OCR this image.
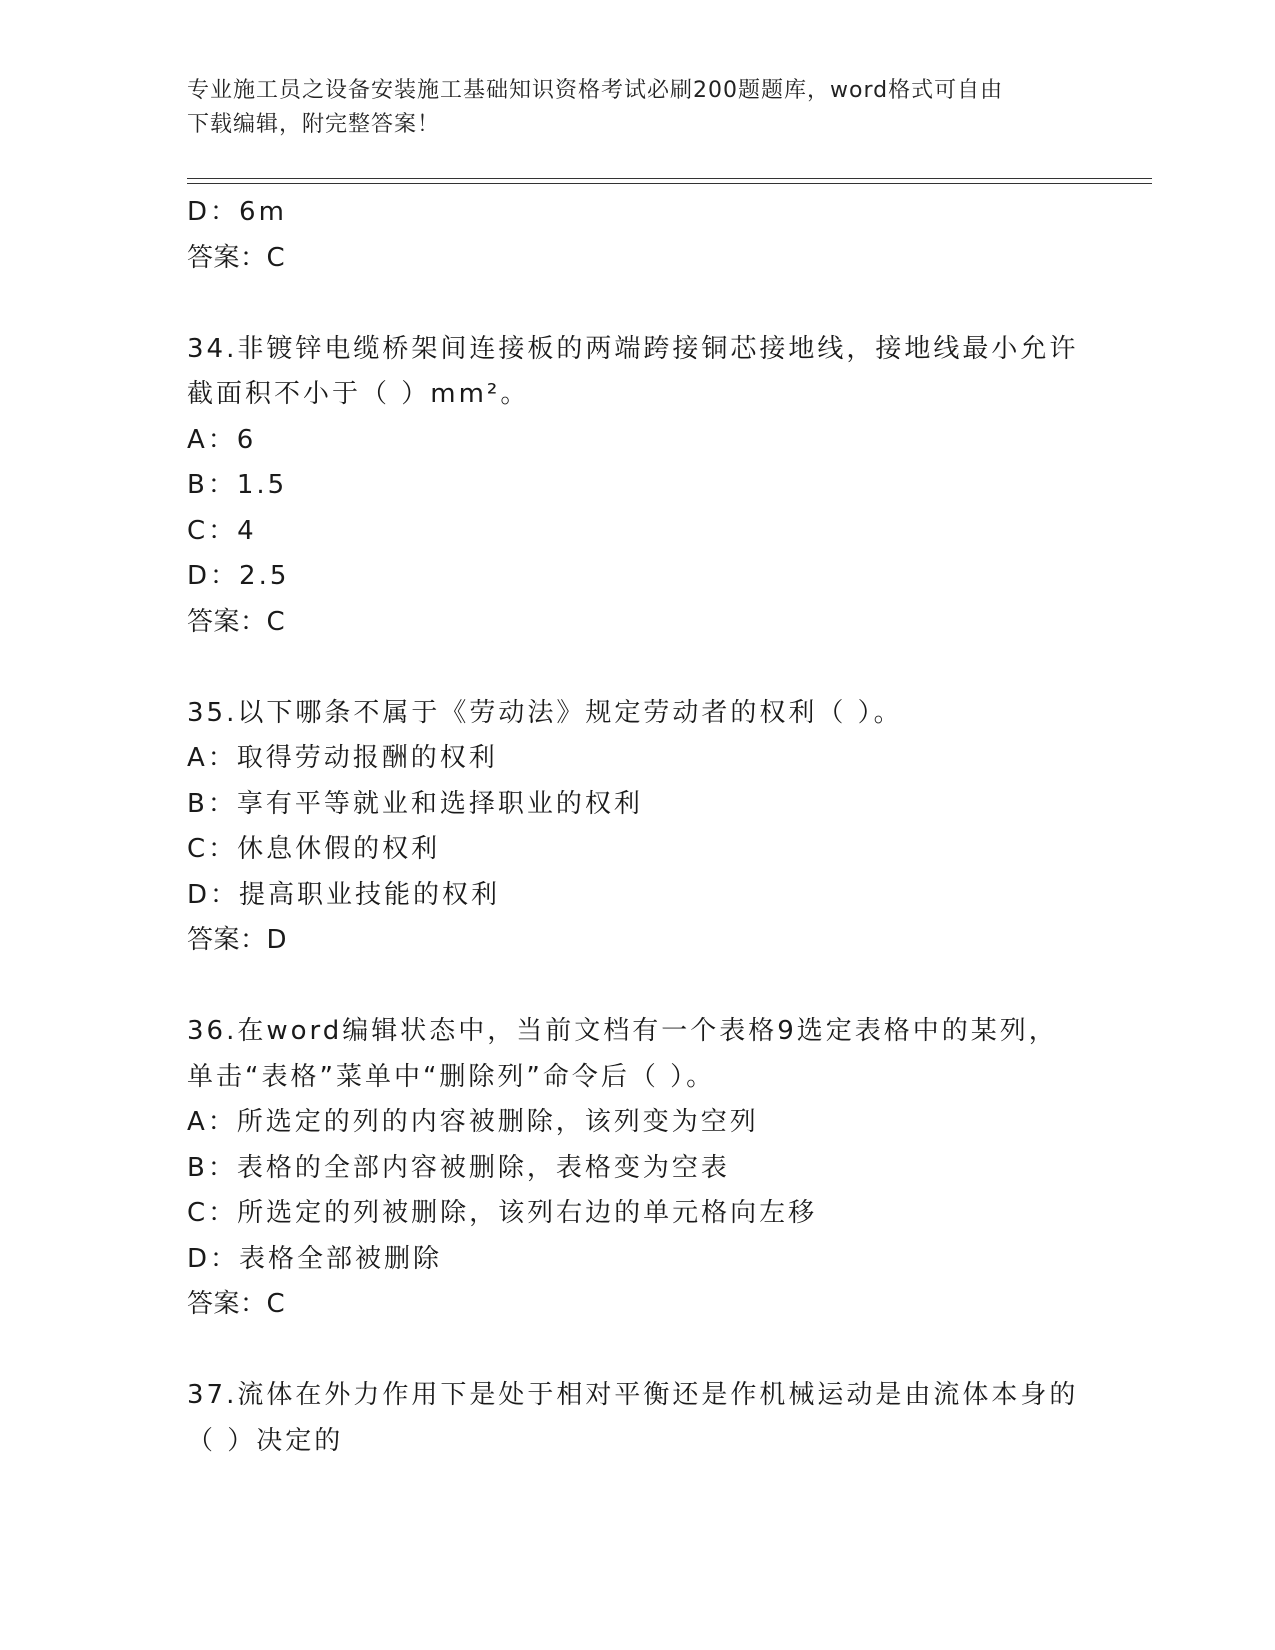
专业施工员之设备安装施工基础知识资格考试必刷200题题库，word格式可自由
下载编辑，附完整答案！
D：6m
答案：C
34.非镀锌电缆桥架间连接板的两端跨接铜芯接地线，接地线最小允许
截面积不小于（ ）mm²。
A：6
B：1.5
C：4
D：2.5
答案：C
35.以下哪条不属于《劳动法》规定劳动者的权利（ ）。
A：取得劳动报酬的权利
B：享有平等就业和选择职业的权利
C：休息休假的权利
D：提高职业技能的权利
答案：D
36.在word编辑状态中，当前文档有一个表格9选定表格中的某列，
单击“表格”菜单中“删除列”命令后（ ）。
A：所选定的列的内容被删除，该列变为空列
B：表格的全部内容被删除，表格变为空表
C：所选定的列被删除，该列右边的单元格向左移
D：表格全部被删除
答案：C
37.流体在外力作用下是处于相对平衡还是作机械运动是由流体本身的
（ ）决定的
